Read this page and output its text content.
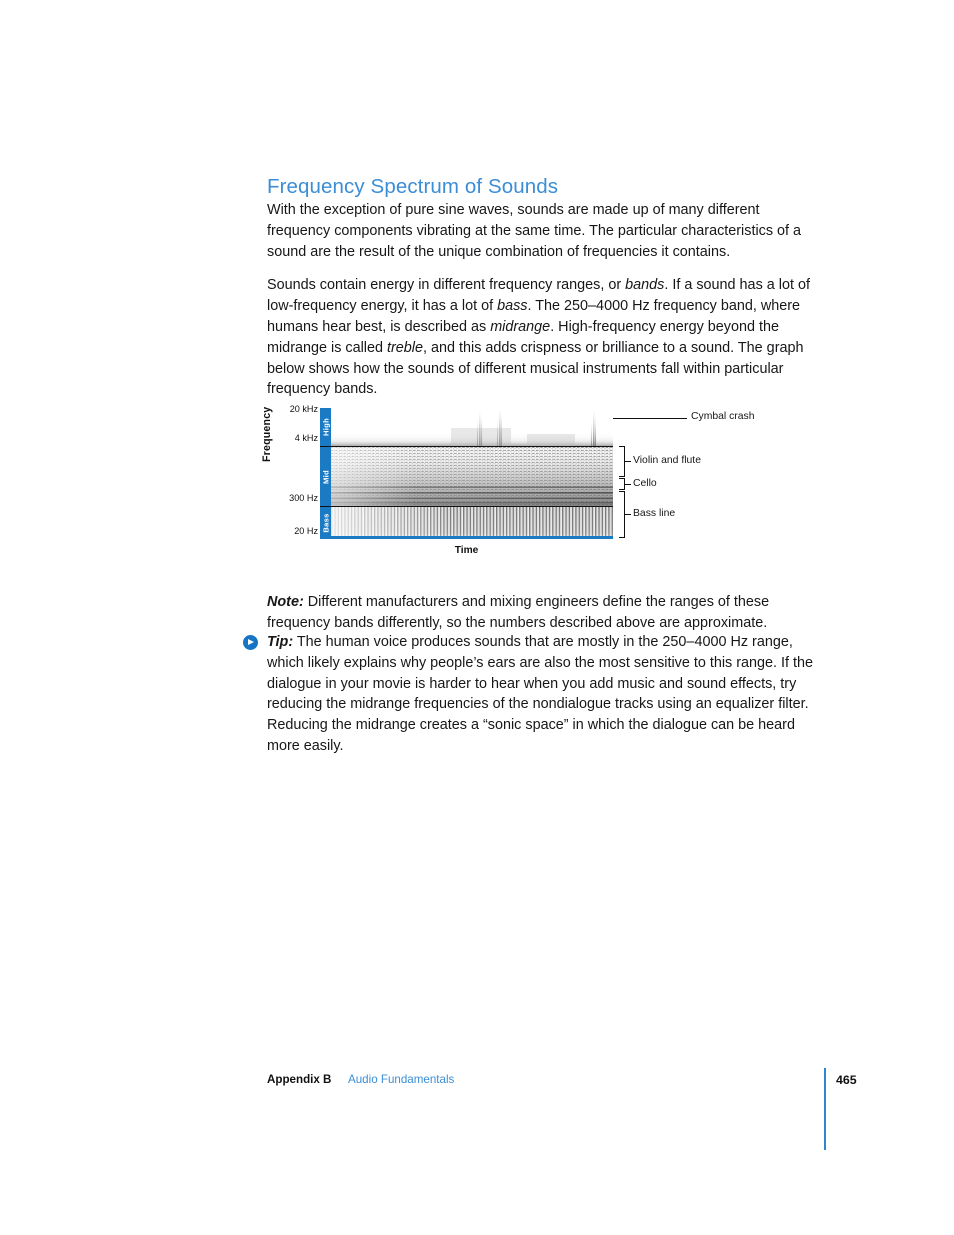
Frequency Spectrum of Sounds

With the exception of pure sine waves, sounds are made up of many different frequency components vibrating at the same time. The particular characteristics of a sound are the result of the unique combination of frequencies it contains.

Sounds contain energy in different frequency ranges, or bands. If a sound has a lot of low-frequency energy, it has a lot of bass. The 250–4000 Hz frequency band, where humans hear best, is described as midrange. High-frequency energy beyond the midrange is called treble, and this adds crispness or brilliance to a sound. The graph below shows how the sounds of different musical instruments fall within particular frequency bands.

Frequency	20 kHz
4 kHz
300 Hz
20 Hz
High
Mid
Bass
Time
Cymbal crash
Violin and flute
Cello
Bass line

Note: Different manufacturers and mixing engineers define the ranges of these frequency bands differently, so the numbers described above are approximate.

Tip: The human voice produces sounds that are mostly in the 250–4000 Hz range, which likely explains why people’s ears are also the most sensitive to this range. If the dialogue in your movie is harder to hear when you add music and sound effects, try reducing the midrange frequencies of the nondialogue tracks using an equalizer filter. Reducing the midrange creates a “sonic space” in which the dialogue can be heard more easily.
Appendix B Audio Fundamentals	465
